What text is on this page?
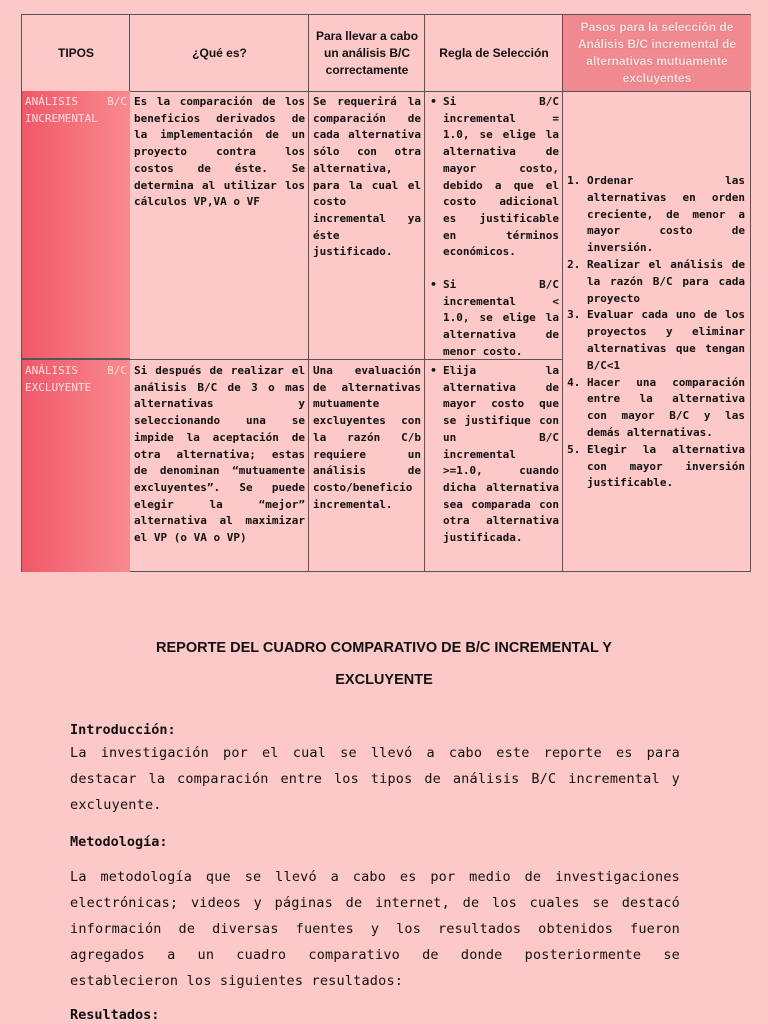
TIPOS	¿Qué es?
Para llevar a cabo un análisis B/C correctamente
Regla de Selección
Pasos para la selección de Análisis B/C incremental de alternativas mutuamente excluyentes
ANÁLISIS B/C INCREMENTAL
Es la comparación de los beneficios derivados de la implementación de un proyecto contra los costos de éste. Se determina al utilizar los cálculos VP,VA o VF
Se requerirá la comparación de cada alternativa sólo con otra alternativa, para la cual el costo incremental ya éste justificado.
• Si B/C incremental = 1.0, se elige la alternativa de mayor costo, debido a que el costo adicional es justificable en términos económicos.
• Si B/C incremental < 1.0, se elige la alternativa de menor costo.
ANÁLISIS B/C EXCLUYENTE
Si después de realizar el análisis B/C de 3 o mas alternativas y seleccionando una se impide la aceptación de otra alternativa; estas de denominan “mutuamente excluyentes”. Se puede elegir la “mejor” alternativa al maximizar el VP (o VA o VP)
Una evaluación de alternativas mutuamente excluyentes con la razón C/b requiere un análisis de costo/beneficio incremental.
• Elija la alternativa de mayor costo que se justifique con un B/C incremental >=1.0, cuando dicha alternativa sea comparada con otra alternativa justificada.
1. Ordenar las alternativas en orden creciente, de menor a mayor costo de inversión.
2. Realizar el análisis de la razón B/C para cada proyecto
3. Evaluar cada uno de los proyectos y eliminar alternativas que tengan B/C<1
4. Hacer una comparación entre la alternativa con mayor B/C y las demás alternativas.
5. Elegir la alternativa con mayor inversión justificable.
REPORTE DEL CUADRO COMPARATIVO DE B/C INCREMENTAL Y
EXCLUYENTE
Introducción:
La investigación por el cual se llevó a cabo este reporte es para destacar la comparación entre los tipos de análisis B/C incremental y excluyente.
Metodología:
La metodología que se llevó a cabo es por medio de investigaciones electrónicas; videos y páginas de internet, de los cuales se destacó información de diversas fuentes y los resultados obtenidos fueron agregados a un cuadro comparativo de donde posteriormente se establecieron los siguientes resultados:
Resultados:
